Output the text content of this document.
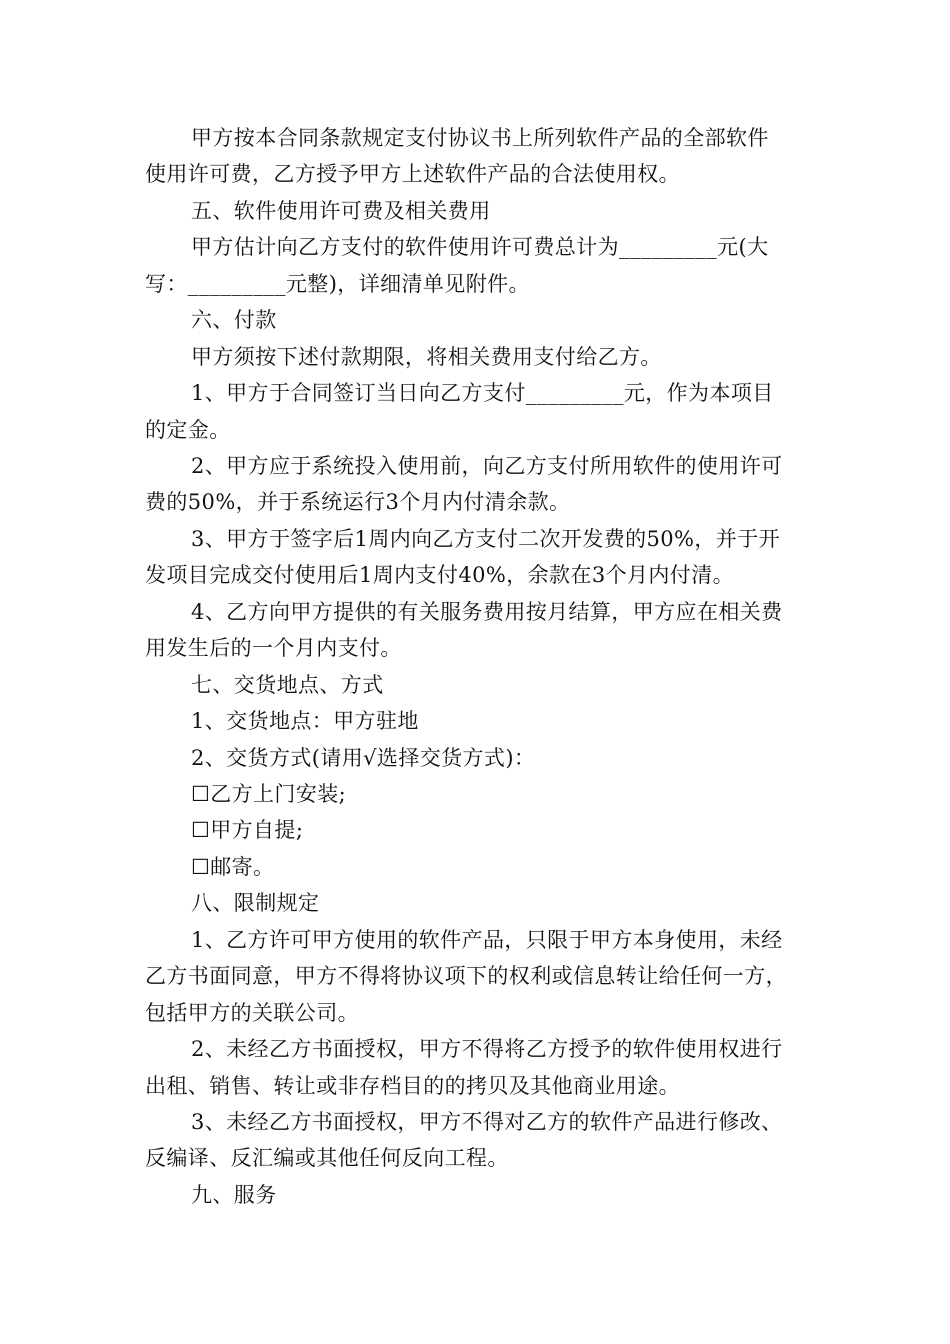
甲方按本合同条款规定支付协议书上所列软件产品的全部软件
使用许可费，乙方授予甲方上述软件产品的合法使用权。
五、软件使用许可费及相关费用
甲方估计向乙方支付的软件使用许可费总计为_________元(大
写：_________元整)，详细清单见附件。
六、付款
甲方须按下述付款期限，将相关费用支付给乙方。
1、甲方于合同签订当日向乙方支付_________元，作为本项目
的定金。
2、甲方应于系统投入使用前，向乙方支付所用软件的使用许可
费的50%，并于系统运行3个月内付清余款。
3、甲方于签字后1周内向乙方支付二次开发费的50%，并于开
发项目完成交付使用后1周内支付40%，余款在3个月内付清。
4、乙方向甲方提供的有关服务费用按月结算，甲方应在相关费
用发生后的一个月内支付。
七、交货地点、方式
1、交货地点：甲方驻地
2、交货方式(请用√选择交货方式)：
☐乙方上门安装;
☐甲方自提;
☐邮寄。
八、限制规定
1、乙方许可甲方使用的软件产品，只限于甲方本身使用，未经
乙方书面同意，甲方不得将协议项下的权利或信息转让给任何一方，
包括甲方的关联公司。
2、未经乙方书面授权，甲方不得将乙方授予的软件使用权进行
出租、销售、转让或非存档目的的拷贝及其他商业用途。
3、未经乙方书面授权，甲方不得对乙方的软件产品进行修改、
反编译、反汇编或其他任何反向工程。
九、服务
